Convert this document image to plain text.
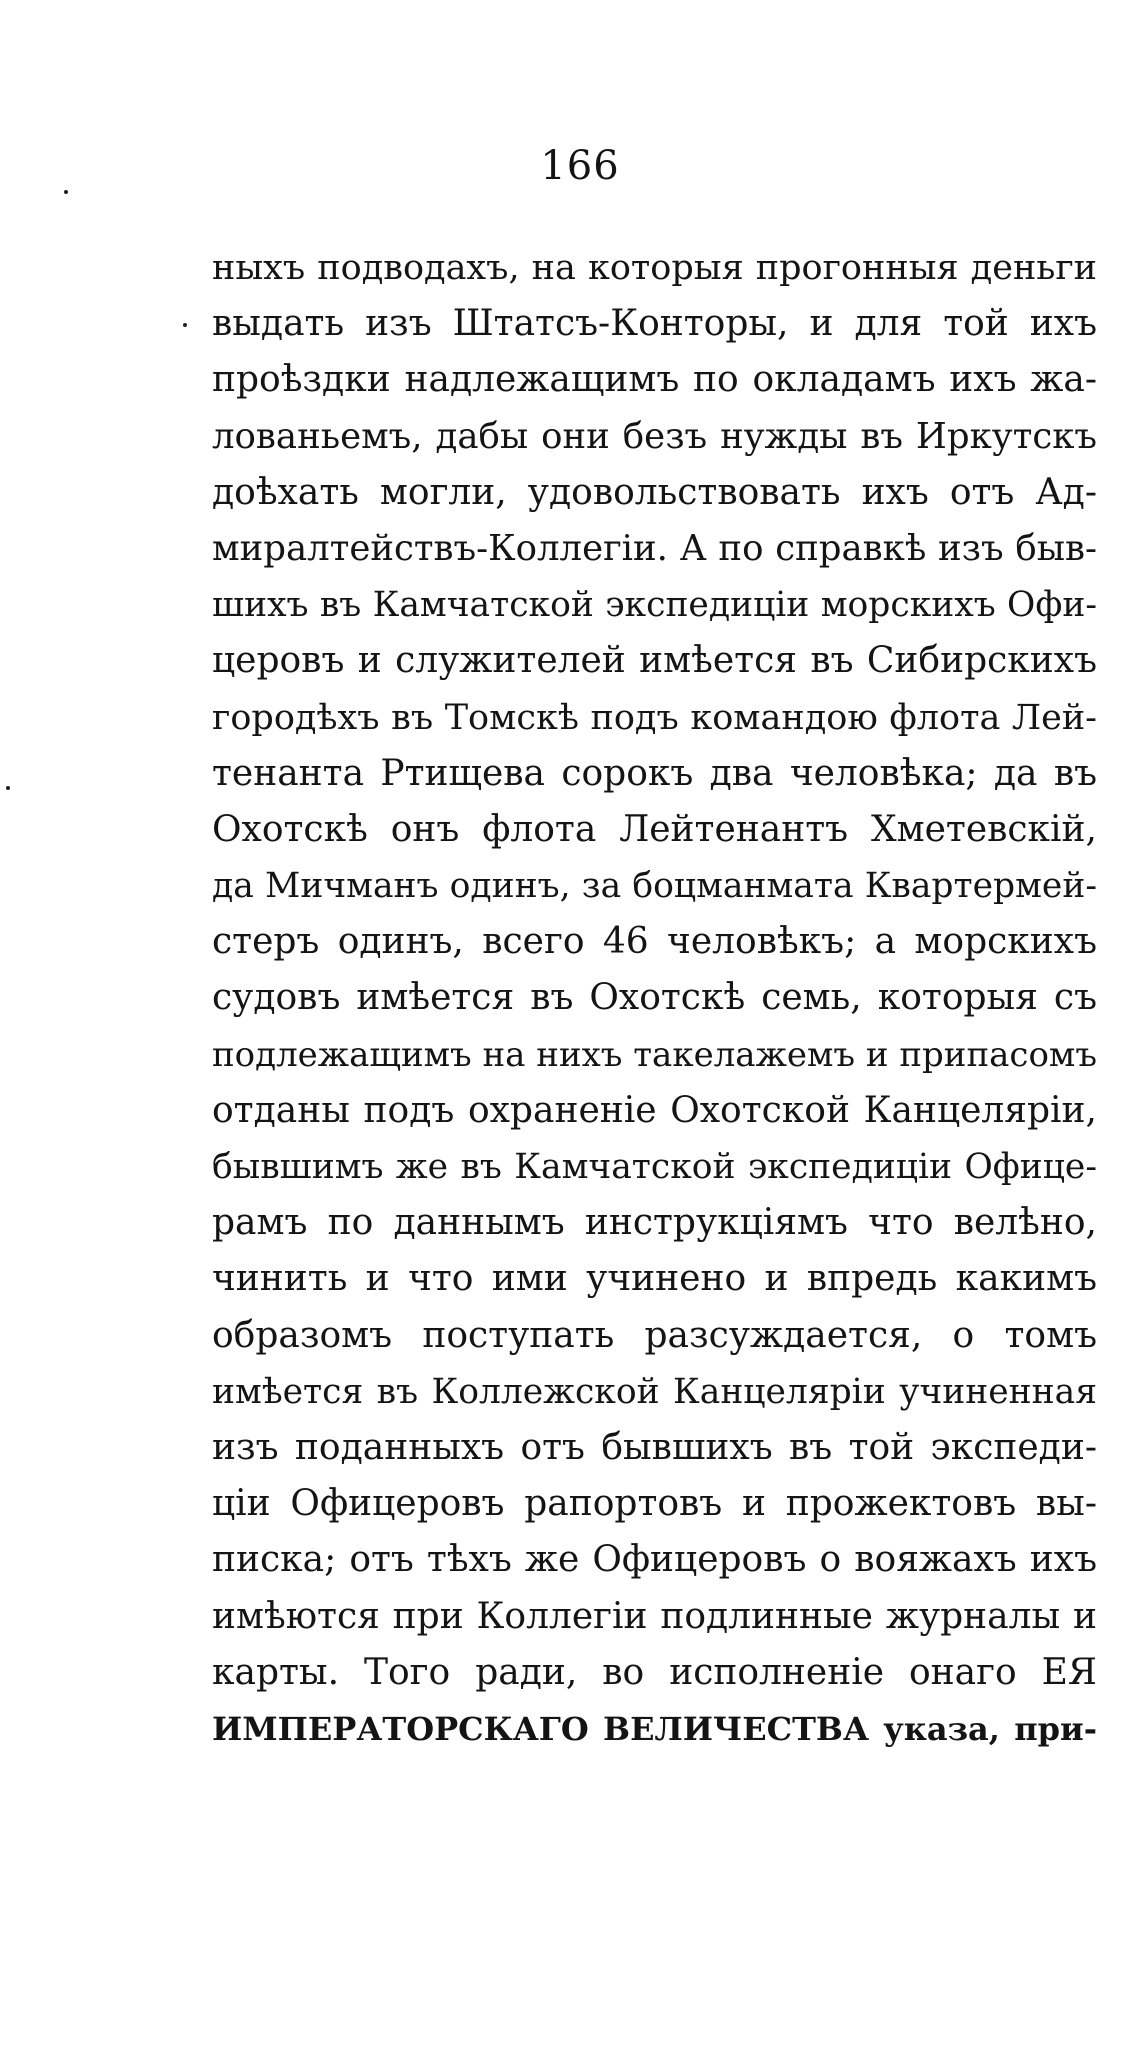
166
ныхъ подводахъ, на которыя прогонныя деньги
выдать изъ Штатсъ-Конторы, и для той ихъ
проѣздки надлежащимъ по окладамъ ихъ жа-
лованьемъ, дабы они безъ нужды въ Иркутскъ
доѣхать могли, удовольствовать ихъ отъ Ад-
миралтействъ-Коллегіи. А по справкѣ изъ быв-
шихъ въ Камчатской экспедиціи морскихъ Офи-
церовъ и служителей имѣется въ Сибирскихъ
городѣхъ въ Томскѣ подъ командою флота Лей-
тенанта Ртищева сорокъ два человѣка; да въ
Охотскѣ онъ флота Лейтенантъ Хметевскій,
да Мичманъ одинъ, за боцманмата Квартермей-
стеръ одинъ, всего 46 человѣкъ; а морскихъ
судовъ имѣется въ Охотскѣ семь, которыя съ
подлежащимъ на нихъ такелажемъ и припасомъ
отданы подъ охраненіе Охотской Канцеляріи,
бывшимъ же въ Камчатской экспедиціи Офице-
рамъ по даннымъ инструкціямъ что велѣно,
чинить и что ими учинено и впредь какимъ
образомъ поступать разсуждается, о томъ
имѣется въ Коллежской Канцеляріи учиненная
изъ поданныхъ отъ бывшихъ въ той экспеди-
ціи Офицеровъ рапортовъ и прожектовъ вы-
писка; отъ тѣхъ же Офицеровъ о вояжахъ ихъ
имѣются при Коллегіи подлинные журналы и
карты. Того ради, во исполненіе онаго ЕЯ
ИМПЕРАТОРСКАГО ВЕЛИЧЕСТВА указа, при-
